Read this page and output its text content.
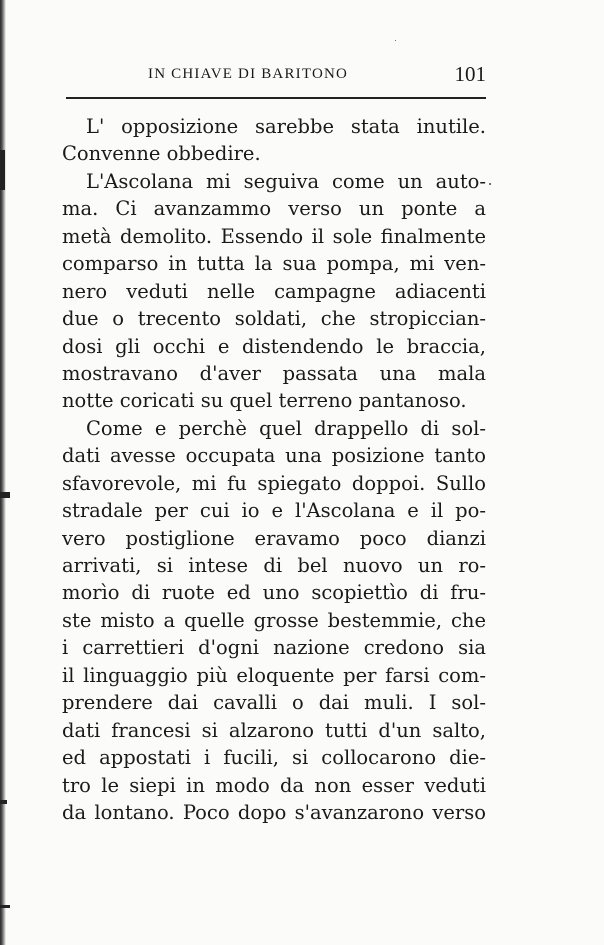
IN CHIAVE DI BARITONO	101
L' opposizione sarebbe stata inutile.
Convenne obbedire.
L'Ascolana mi seguiva come un auto-
ma. Ci avanzammo verso un ponte a
metà demolito. Essendo il sole finalmente
comparso in tutta la sua pompa, mi ven-
nero veduti nelle campagne adiacenti
due o trecento soldati, che stropiccian-
dosi gli occhi e distendendo le braccia,
mostravano d'aver passata una mala
notte coricati su quel terreno pantanoso.
Come e perchè quel drappello di sol-
dati avesse occupata una posizione tanto
sfavorevole, mi fu spiegato doppoi. Sullo
stradale per cui io e l'Ascolana e il po-
vero postiglione eravamo poco dianzi
arrivati, si intese di bel nuovo un ro-
morìo di ruote ed uno scopiettìo di fru-
ste misto a quelle grosse bestemmie, che
i carrettieri d'ogni nazione credono sia
il linguaggio più eloquente per farsi com-
prendere dai cavalli o dai muli. I sol-
dati francesi si alzarono tutti d'un salto,
ed appostati i fucili, si collocarono die-
tro le siepi in modo da non esser veduti
da lontano. Poco dopo s'avanzarono verso
